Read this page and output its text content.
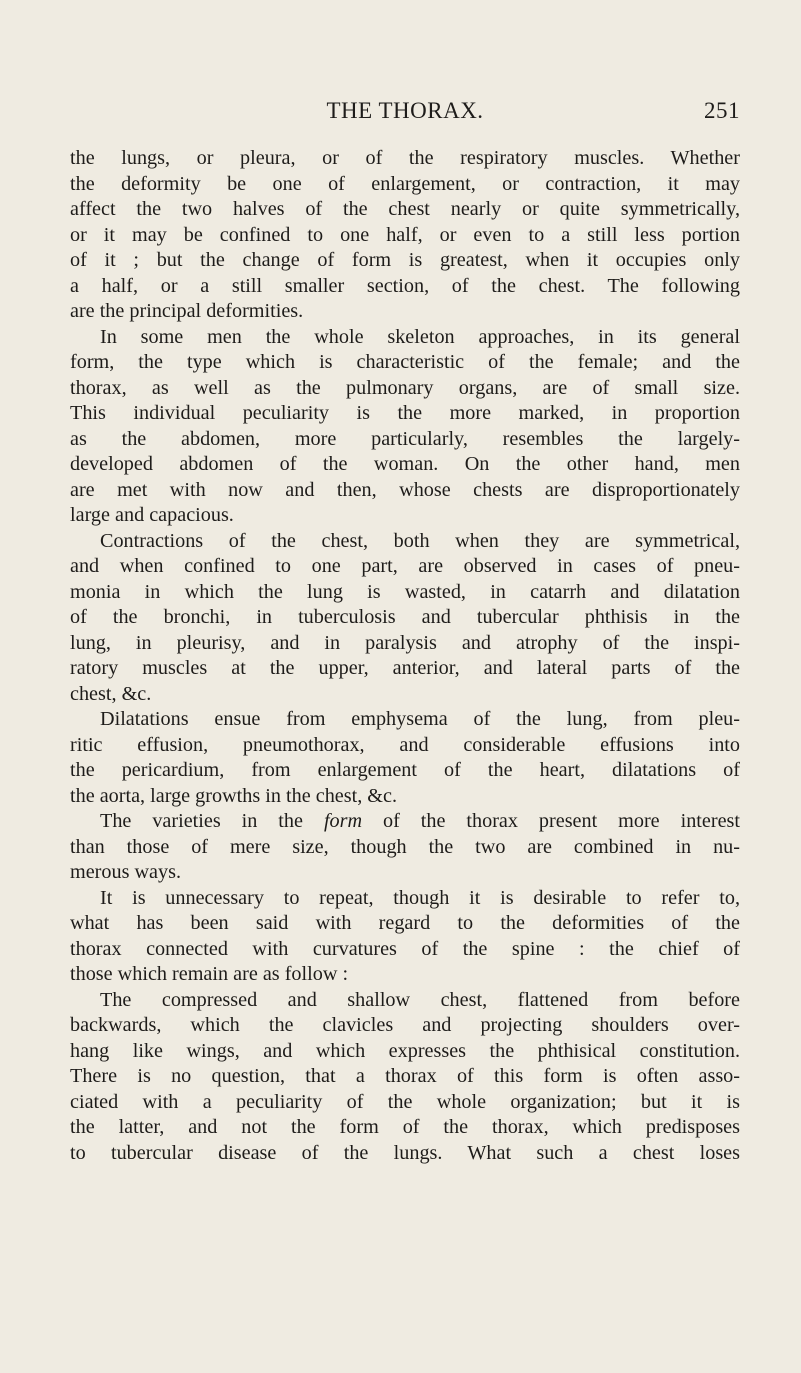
THE THORAX.	251
the lungs, or pleura, or of the respiratory muscles. Whether
the deformity be one of enlargement, or contraction, it may
affect the two halves of the chest nearly or quite symmetrically,
or it may be confined to one half, or even to a still less portion
of it ; but the change of form is greatest, when it occupies only
a half, or a still smaller section, of the chest. The following
are the principal deformities.
In some men the whole skeleton approaches, in its general
form, the type which is characteristic of the female; and the
thorax, as well as the pulmonary organs, are of small size.
This individual peculiarity is the more marked, in proportion
as the abdomen, more particularly, resembles the largely-
developed abdomen of the woman. On the other hand, men
are met with now and then, whose chests are disproportionately
large and capacious.
Contractions of the chest, both when they are symmetrical,
and when confined to one part, are observed in cases of pneu-
monia in which the lung is wasted, in catarrh and dilatation
of the bronchi, in tuberculosis and tubercular phthisis in the
lung, in pleurisy, and in paralysis and atrophy of the inspi-
ratory muscles at the upper, anterior, and lateral parts of the
chest, &c.
Dilatations ensue from emphysema of the lung, from pleu-
ritic effusion, pneumothorax, and considerable effusions into
the pericardium, from enlargement of the heart, dilatations of
the aorta, large growths in the chest, &c.
The varieties in the form of the thorax present more interest
than those of mere size, though the two are combined in nu-
merous ways.
It is unnecessary to repeat, though it is desirable to refer to,
what has been said with regard to the deformities of the
thorax connected with curvatures of the spine : the chief of
those which remain are as follow :
The compressed and shallow chest, flattened from before
backwards, which the clavicles and projecting shoulders over-
hang like wings, and which expresses the phthisical constitution.
There is no question, that a thorax of this form is often asso-
ciated with a peculiarity of the whole organization; but it is
the latter, and not the form of the thorax, which predisposes
to tubercular disease of the lungs. What such a chest loses
